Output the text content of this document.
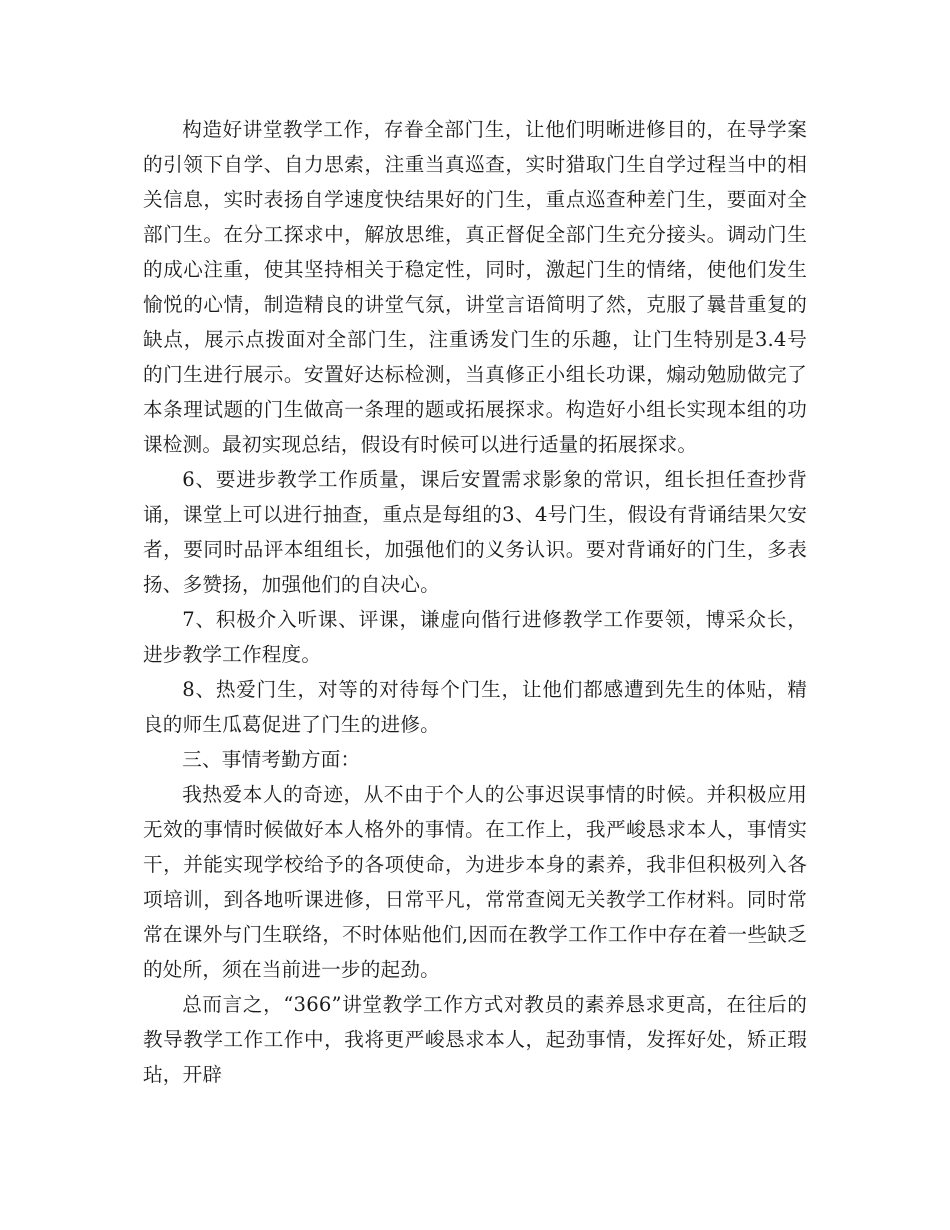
构造好讲堂教学工作，存眷全部门生，让他们明晰进修目的，在导学案的引领下自学、自力思索，注重当真巡查，实时猎取门生自学过程当中的相关信息，实时表扬自学速度快结果好的门生，重点巡查种差门生，要面对全部门生。在分工探求中，解放思维，真正督促全部门生充分接头。调动门生的成心注重，使其坚持相关于稳定性，同时，激起门生的情绪，使他们发生愉悦的心情，制造精良的讲堂气氛，讲堂言语简明了然，克服了曩昔重复的缺点，展示点拨面对全部门生，注重诱发门生的乐趣，让门生特别是3.4号的门生进行展示。安置好达标检测，当真修正小组长功课，煽动勉励做完了本条理试题的门生做高一条理的题或拓展探求。构造好小组长实现本组的功课检测。最初实现总结，假设有时候可以进行适量的拓展探求。

6、要进步教学工作质量，课后安置需求影象的常识，组长担任查抄背诵，课堂上可以进行抽查，重点是每组的3、4号门生，假设有背诵结果欠安者，要同时品评本组组长，加强他们的义务认识。要对背诵好的门生，多表扬、多赞扬，加强他们的自决心。

7、积极介入听课、评课，谦虚向偕行进修教学工作要领，博采众长，进步教学工作程度。

8、热爱门生，对等的对待每个门生，让他们都感遭到先生的体贴，精良的师生瓜葛促进了门生的进修。

三、事情考勤方面：

我热爱本人的奇迹，从不由于个人的公事迟误事情的时候。并积极应用无效的事情时候做好本人格外的事情。在工作上，我严峻恳求本人，事情实干，并能实现学校给予的各项使命，为进步本身的素养，我非但积极列入各项培训，到各地听课进修，日常平凡，常常查阅无关教学工作材料。同时常常在课外与门生联络，不时体贴他们,因而在教学工作工作中存在着一些缺乏的处所，须在当前进一步的起劲。

总而言之，“366”讲堂教学工作方式对教员的素养恳求更高，在往后的教导教学工作工作中，我将更严峻恳求本人，起劲事情，发挥好处，矫正瑕玷，开辟
